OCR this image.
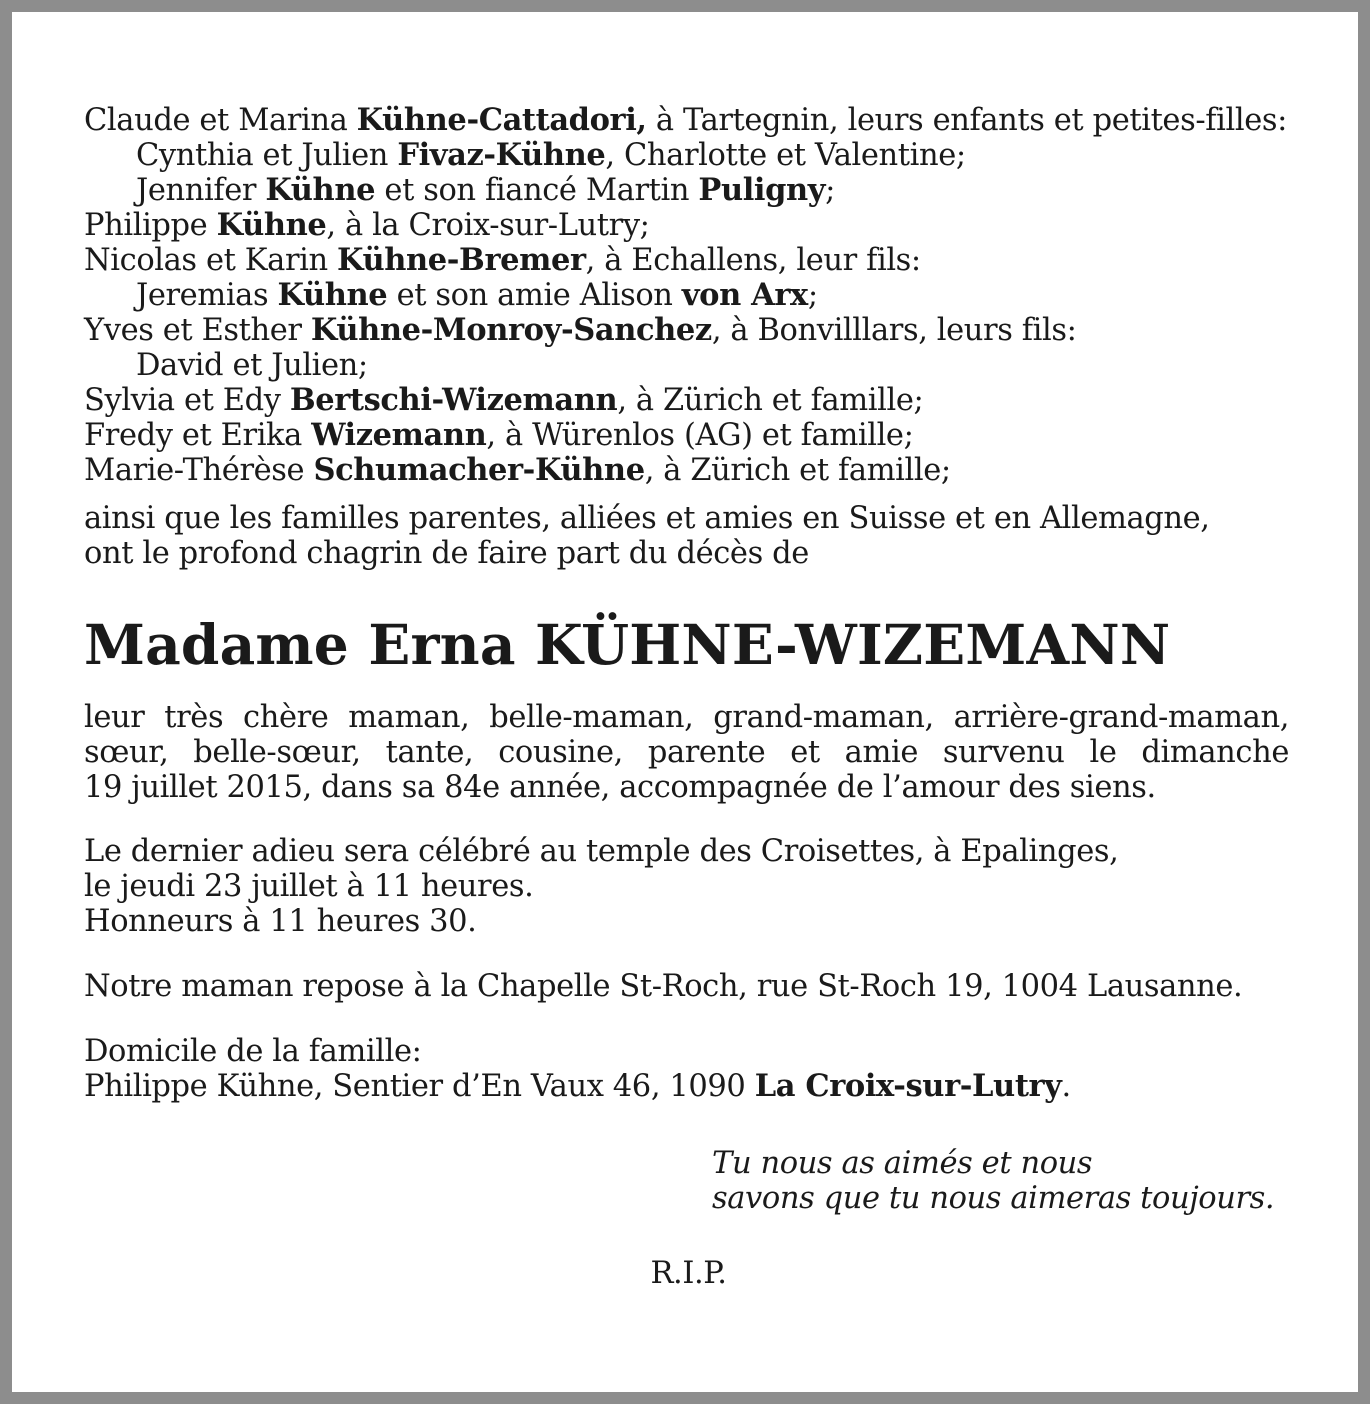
Claude et Marina Kühne-Cattadori, à Tartegnin, leurs enfants et petites-filles:
Cynthia et Julien Fivaz-Kühne, Charlotte et Valentine;
Jennifer Kühne et son fiancé Martin Puligny;
Philippe Kühne, à la Croix-sur-Lutry;
Nicolas et Karin Kühne-Bremer, à Echallens, leur fils:
Jeremias Kühne et son amie Alison von Arx;
Yves et Esther Kühne-Monroy-Sanchez, à Bonvilllars, leurs fils:
David et Julien;
Sylvia et Edy Bertschi-Wizemann, à Zürich et famille;
Fredy et Erika Wizemann, à Würenlos (AG) et famille;
Marie-Thérèse Schumacher-Kühne, à Zürich et famille;
ainsi que les familles parentes, alliées et amies en Suisse et en Allemagne,
ont le profond chagrin de faire part du décès de
Madame Erna KÜHNE-WIZEMANN
leur très chère maman, belle-maman, grand-maman, arrière-grand-maman,
sœur, belle-sœur, tante, cousine, parente et amie survenu le dimanche
19 juillet 2015, dans sa 84e année, accompagnée de l’amour des siens.
Le dernier adieu sera célébré au temple des Croisettes, à Epalinges,
le jeudi 23 juillet à 11 heures.
Honneurs à 11 heures 30.
Notre maman repose à la Chapelle St-Roch, rue St-Roch 19, 1004 Lausanne.
Domicile de la famille:
Philippe Kühne, Sentier d’En Vaux 46, 1090 La Croix-sur-Lutry.
Tu nous as aimés et nous
savons que tu nous aimeras toujours.
R.I.P.
